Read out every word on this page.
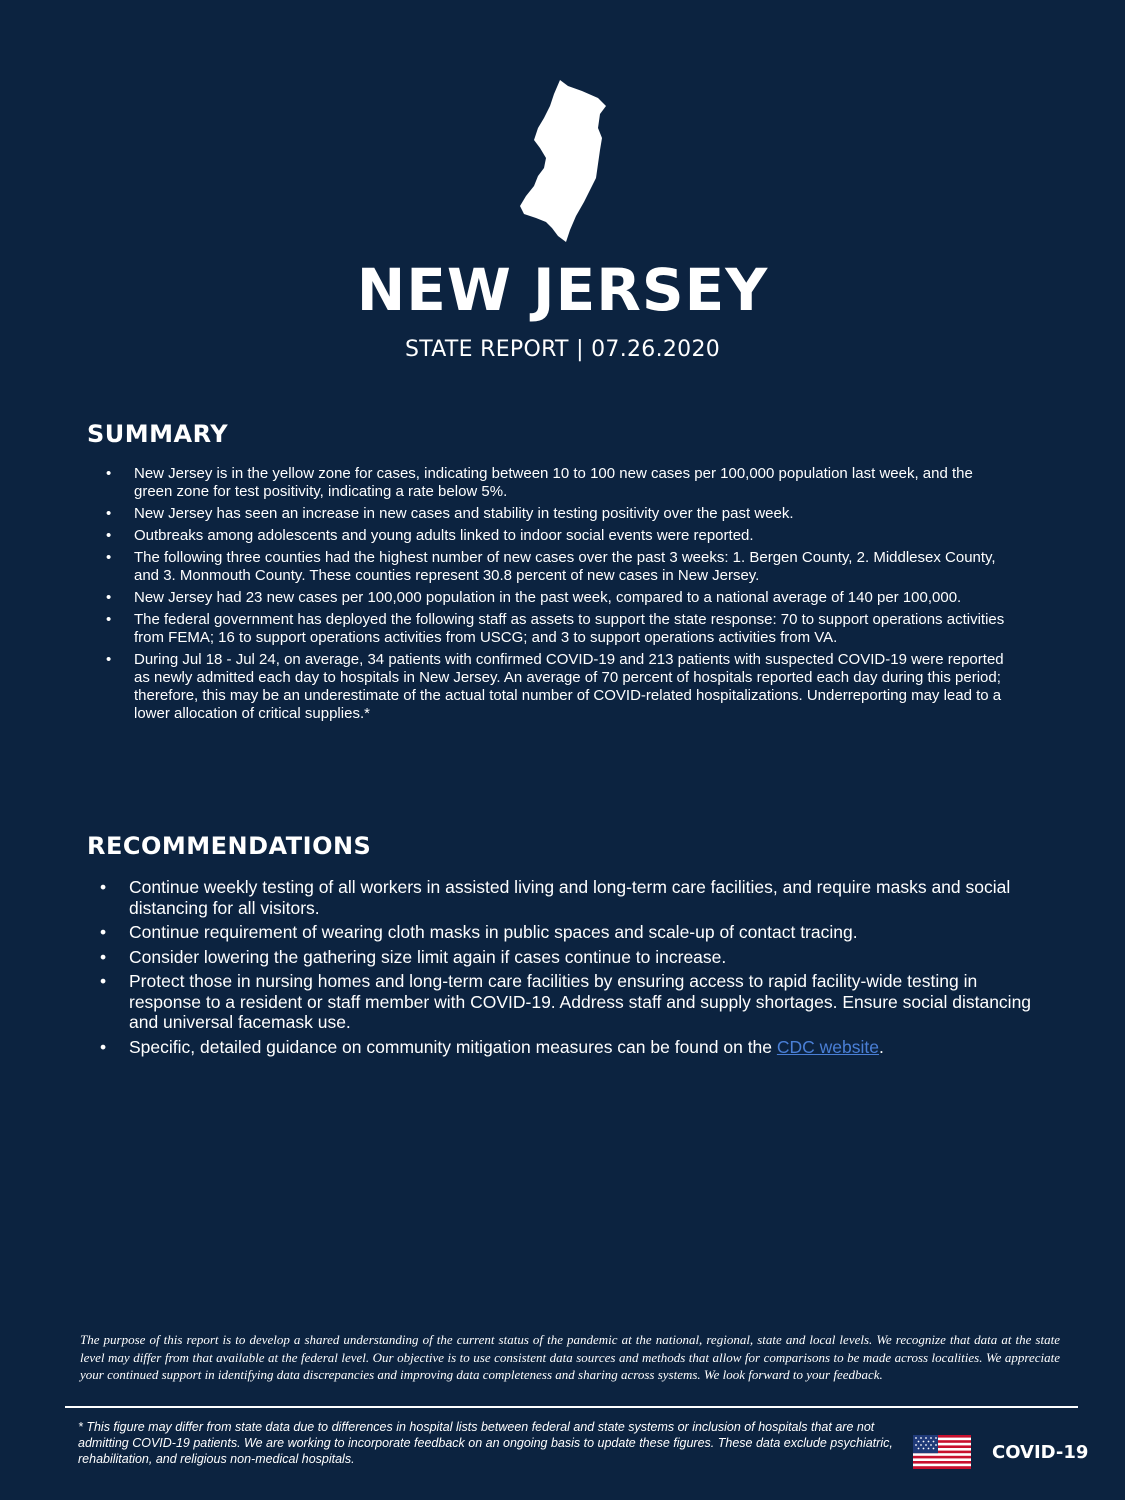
NEW JERSEY
STATE REPORT | 07.26.2020
SUMMARY
• New Jersey is in the yellow zone for cases, indicating between 10 to 100 new cases per 100,000 population last week, and the green zone for test positivity, indicating a rate below 5%.
• New Jersey has seen an increase in new cases and stability in testing positivity over the past week.
• Outbreaks among adolescents and young adults linked to indoor social events were reported.
• The following three counties had the highest number of new cases over the past 3 weeks: 1. Bergen County, 2. Middlesex County, and 3. Monmouth County. These counties represent 30.8 percent of new cases in New Jersey.
• New Jersey had 23 new cases per 100,000 population in the past week, compared to a national average of 140 per 100,000.
• The federal government has deployed the following staff as assets to support the state response: 70 to support operations activities from FEMA; 16 to support operations activities from USCG; and 3 to support operations activities from VA.
• During Jul 18 - Jul 24, on average, 34 patients with confirmed COVID-19 and 213 patients with suspected COVID-19 were reported as newly admitted each day to hospitals in New Jersey. An average of 70 percent of hospitals reported each day during this period; therefore, this may be an underestimate of the actual total number of COVID-related hospitalizations. Underreporting may lead to a lower allocation of critical supplies.*
RECOMMENDATIONS
• Continue weekly testing of all workers in assisted living and long-term care facilities, and require masks and social distancing for all visitors.
• Continue requirement of wearing cloth masks in public spaces and scale-up of contact tracing.
• Consider lowering the gathering size limit again if cases continue to increase.
• Protect those in nursing homes and long-term care facilities by ensuring access to rapid facility-wide testing in response to a resident or staff member with COVID-19. Address staff and supply shortages. Ensure social distancing and universal facemask use.
• Specific, detailed guidance on community mitigation measures can be found on the CDC website.
The purpose of this report is to develop a shared understanding of the current status of the pandemic at the national, regional, state and local levels. We recognize that data at the state level may differ from that available at the federal level. Our objective is to use consistent data sources and methods that allow for comparisons to be made across localities. We appreciate your continued support in identifying data discrepancies and improving data completeness and sharing across systems. We look forward to your feedback.
* This figure may differ from state data due to differences in hospital lists between federal and state systems or inclusion of hospitals that are not admitting COVID-19 patients. We are working to incorporate feedback on an ongoing basis to update these figures. These data exclude psychiatric, rehabilitation, and religious non-medical hospitals.	COVID-19
